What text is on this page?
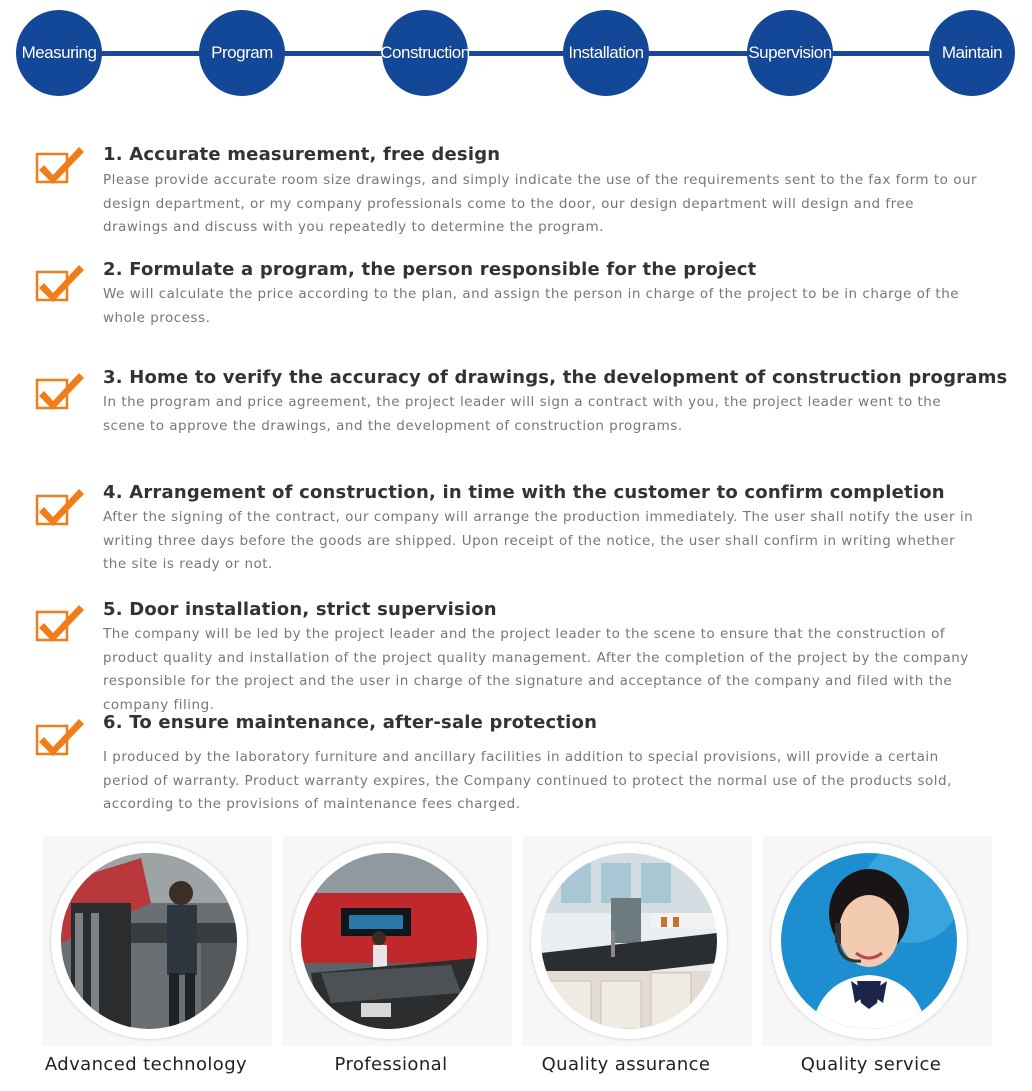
Measuring	Program	Construction	Installation	Supervision	Maintain
1. Accurate measurement, free design
Please provide accurate room size drawings, and simply indicate the use of the requirements sent to the fax form to our design department, or my company professionals come to the door, our design department will design and free drawings and discuss with you repeatedly to determine the program.
2. Formulate a program, the person responsible for the project
We will calculate the price according to the plan, and assign the person in charge of the project to be in charge of the whole process.
3. Home to verify the accuracy of drawings, the development of construction programs
In the program and price agreement, the project leader will sign a contract with you, the project leader went to the scene to approve the drawings, and the development of construction programs.
4. Arrangement of construction, in time with the customer to confirm completion
After the signing of the contract, our company will arrange the production immediately. The user shall notify the user in writing three days before the goods are shipped. Upon receipt of the notice, the user shall confirm in writing whether the site is ready or not.
5. Door installation, strict supervision
The company will be led by the project leader and the project leader to the scene to ensure that the construction of product quality and installation of the project quality management. After the completion of the project by the company responsible for the project and the user in charge of the signature and acceptance of the company and filed with the company filing.
6. To ensure maintenance, after-sale protection
I produced by the laboratory furniture and ancillary facilities in addition to special provisions, will provide a certain period of warranty. Product warranty expires, the Company continued to protect the normal use of the products sold, according to the provisions of maintenance fees charged.
Advanced technology	Professional	Quality assurance	Quality service
